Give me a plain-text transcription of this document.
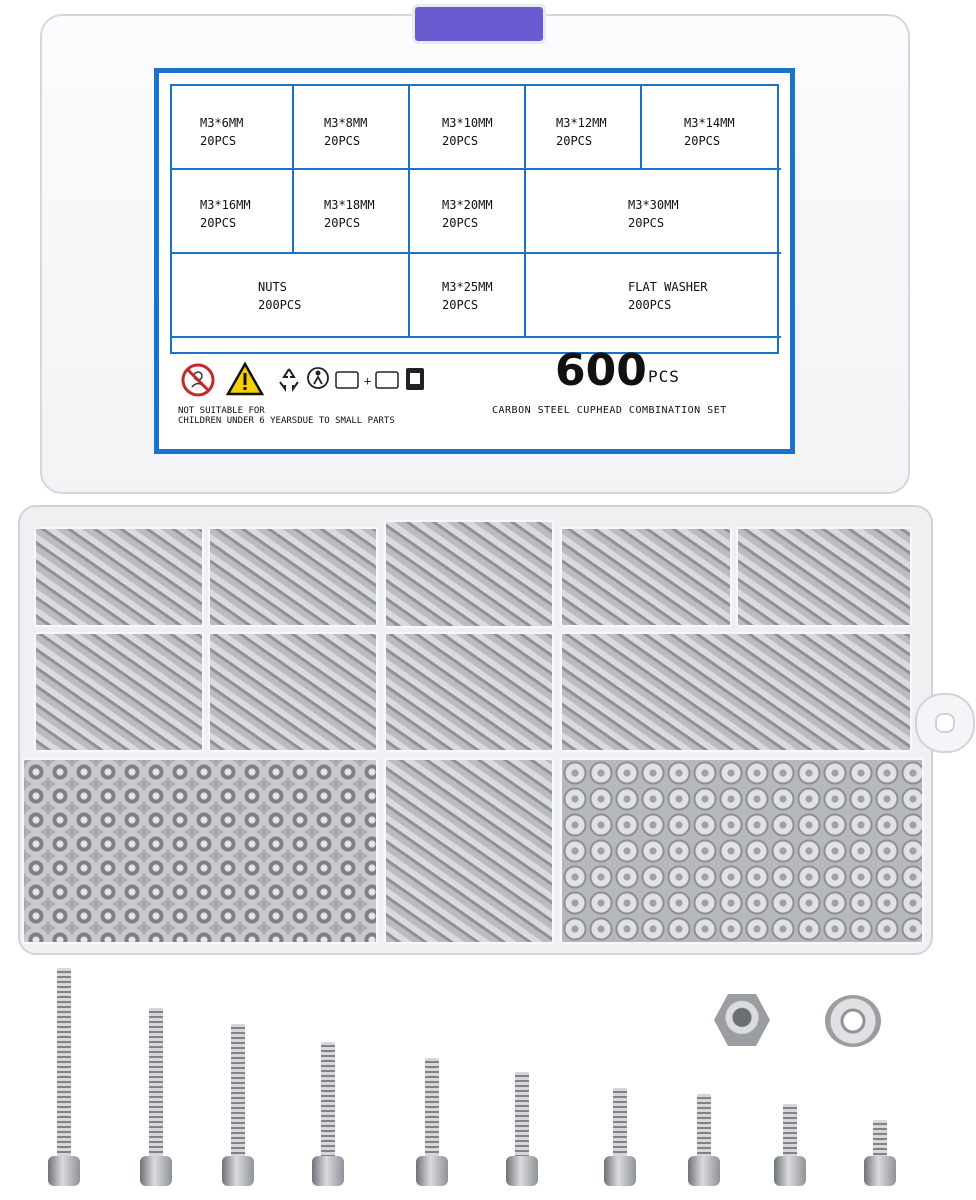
M3*6MM
20PCS
M3*8MM
20PCS
M3*10MM
20PCS
M3*12MM
20PCS
M3*14MM
20PCS
M3*16MM
20PCS
M3*18MM
20PCS
M3*20MM
20PCS
M3*30MM
20PCS
NUTS
200PCS
M3*25MM
20PCS
FLAT WASHER
200PCS
+
NOT SUITABLE FOR
CHILDREN UNDER 6 YEARSDUE TO SMALL PARTS
600 PCS
CARBON STEEL CUPHEAD COMBINATION SET
